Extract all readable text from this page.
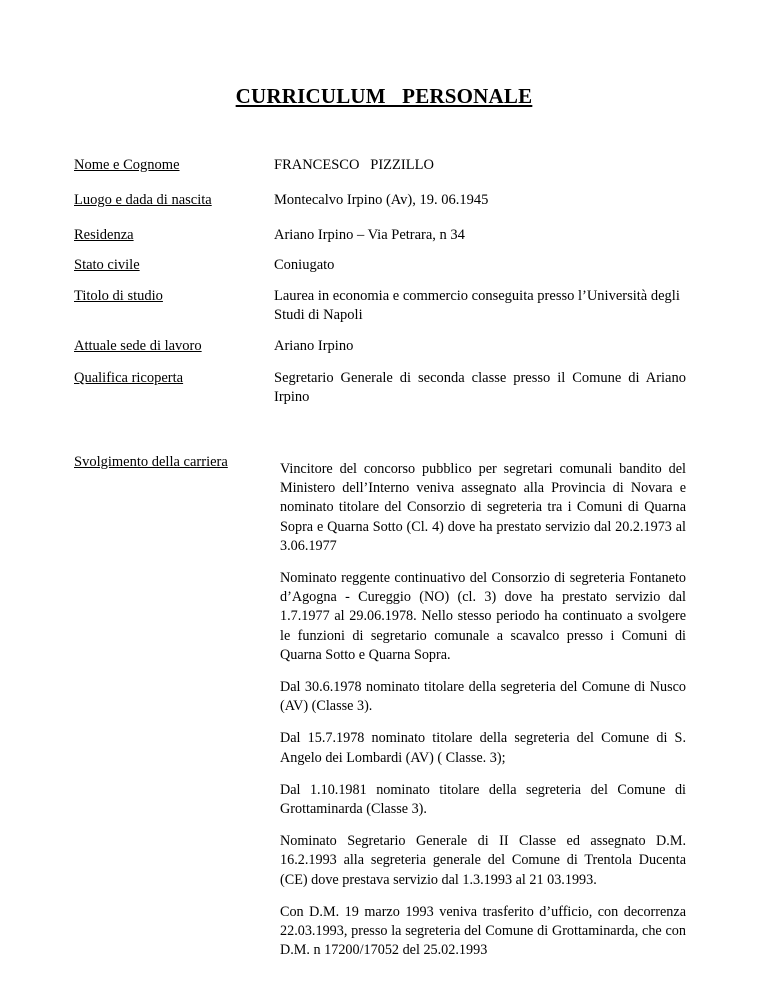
CURRICULUM   PERSONALE
Nome e Cognome	FRANCESCO   PIZZILLO
Luogo e dada di nascita	Montecalvo Irpino (Av), 19. 06.1945
Residenza	Ariano Irpino – Via Petrara, n 34
Stato civile	Coniugato
Titolo di studio	Laurea in economia e commercio conseguita presso l’Università degli Studi di Napoli
Attuale sede di lavoro	Ariano Irpino
Qualifica ricoperta	Segretario Generale di seconda classe presso il Comune di Ariano Irpino
Svolgimento della carriera	Vincitore del concorso pubblico per segretari comunali bandito del Ministero dell’Interno veniva assegnato alla Provincia di Novara e nominato titolare del Consorzio di segreteria tra i Comuni di Quarna Sopra e Quarna Sotto (Cl. 4) dove ha prestato servizio dal 20.2.1973 al 3.06.1977

Nominato reggente continuativo del Consorzio di segreteria Fontaneto d’Agogna - Cureggio (NO) (cl. 3) dove ha prestato servizio dal 1.7.1977 al 29.06.1978. Nello stesso periodo ha continuato a svolgere le funzioni di segretario comunale a scavalco presso i Comuni di Quarna Sotto e Quarna Sopra.

Dal 30.6.1978 nominato titolare della segreteria del Comune di Nusco (AV) (Classe 3).

Dal 15.7.1978 nominato titolare della segreteria del Comune di S. Angelo dei Lombardi (AV) ( Classe. 3);

Dal 1.10.1981 nominato titolare della segreteria del Comune di Grottaminarda (Classe 3).

Nominato Segretario Generale di II Classe ed assegnato D.M. 16.2.1993 alla segreteria generale del Comune di Trentola Ducenta (CE) dove prestava servizio dal 1.3.1993 al 21 03.1993.

Con D.M. 19 marzo 1993 veniva trasferito d’ufficio, con decorrenza 22.03.1993, presso la segreteria del Comune di Grottaminarda, che con D.M. n 17200/17052 del 25.02.1993
